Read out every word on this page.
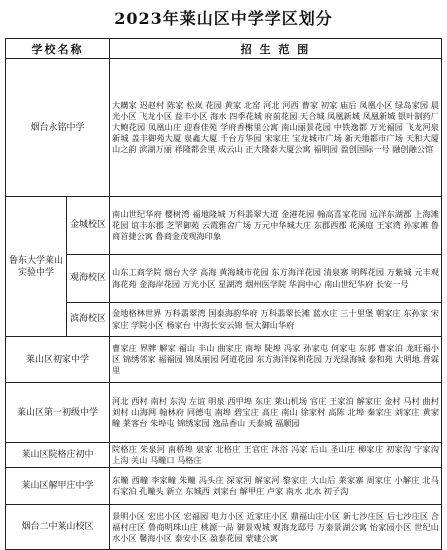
2023年莱山区中学学区划分
学校名称		招 生 范 围
烟台永铭中学		大耩家 迟赵村 陈家 松岚 花园 黄家 北窑 河北 河西 曹家 初家 庙后 凤凰小区 绿岛家园 晨光小区 飞龙小区 益丰小区 海水 四季花城 府前花园 天合城 凤凰新城 凤凰新城 银叶制药厂 大鲍花园 凤凰山庄 迎春佳苑 学府香榭里公寓 南山丽景花园 中铁逸都 万光福园 飞龙河泉新城 盖丰御苑大厦 泉鑫大厦 千台方华园 宋家庄 宝龙城市广场 新天地都市广场 天和大厦 山之韵 滨湖万丽 祥隆都会里 成云山 正大隆泰大厦公寓 福明园 盈创国际一号 融创融公馆
鲁东大学莱山实验中学	金城校区	南山世纪华府 樱树湾 福地隆城 万科翡翠大道 金港花园 翰高喜家花园 远洋东湖郡 上海滩花园 谊丰东郡 芝罘御苑 云霞雅舍广场 万元中华城大庄 东郡西郡 花溪庭 王家湾 孙家滩 鲁商首捷公寓 鲁商金茂观海印象
	观海校区	山东工商学院 烟台大学 高海 黄海城市花园 东方海洋花园 清泉寨 明辉花园 万紫城 元丰观海花苑 金海岸花园 万光小区 星湖湾 烟州医学院 华润中心 南山世纪华府 长安一号
	滨海校区	金地格林世界 万科翡翠湾 国泰海韵华府 万科翡翠长滩 蓝水庄 三十里堡 朝家庄 东孙家 宋家庄 学院小区 杨家台 中海长安云锦 恒大御山华府
莱山区初家中学		曹家庄 界牌 解家 福山 丰山 曲家庄 南埠 陡埠 冯家 孙家屯 何家屯 东郭 曹家泊 龙旺福小区 锦绣邻家 福福园 锦凤丽园 阿道花园 东方海洋保利花园 万光绿海城 泰和苑 大明地 普霖里
莱山区第一初级中学		河北 西村 南村 东沟 左谊 明泉 西甲埠 东庄 莱山机场 官庄 王家泊 解家庄 金村 马村 曲村 刘村 山海网 翰林府 同德屯 南埠 碧宝庄 高庄 南山 徐家村 高陈 北埠 秦家庄 刘家庄 黄家疃 莱客台 朱埠屯 锦绣家园 逸品香山 天泰城 福顺园
莱山区院格庄初中		院格庄 朱泉河 南桥埠 泉家 北格庄 王官庄 沐浴 冯家 后山 圣山庄 柳家庄 初家沟 宁家沟 上沟 关山 马疃口 马格庄
莱山区解甲庄中学		东疃 西疃 李家疃 朱疃 冯头庄 深家河 解家河 黎家庄 大山后 莱家寨 周家庄 小解庄 北马 石家泊 孔疃头 新立 东城西 刘家台 解甲庄 卢家 南水 北水 初子沟
烟台二中莱山校区		景明小区 宏出小区 宏福园 电力小区 近家庄小区 鼎福山庄小区 新七沙庄区 后七沙庄区 合福村庄区 鲁商明珠山庄 桃源一品 御景观城 观海龙邸号 万泰景湖公寓 怡家园小区 世纪山水小区 馨海小区 泰安小区 盈泰花园 蒙建公寓
